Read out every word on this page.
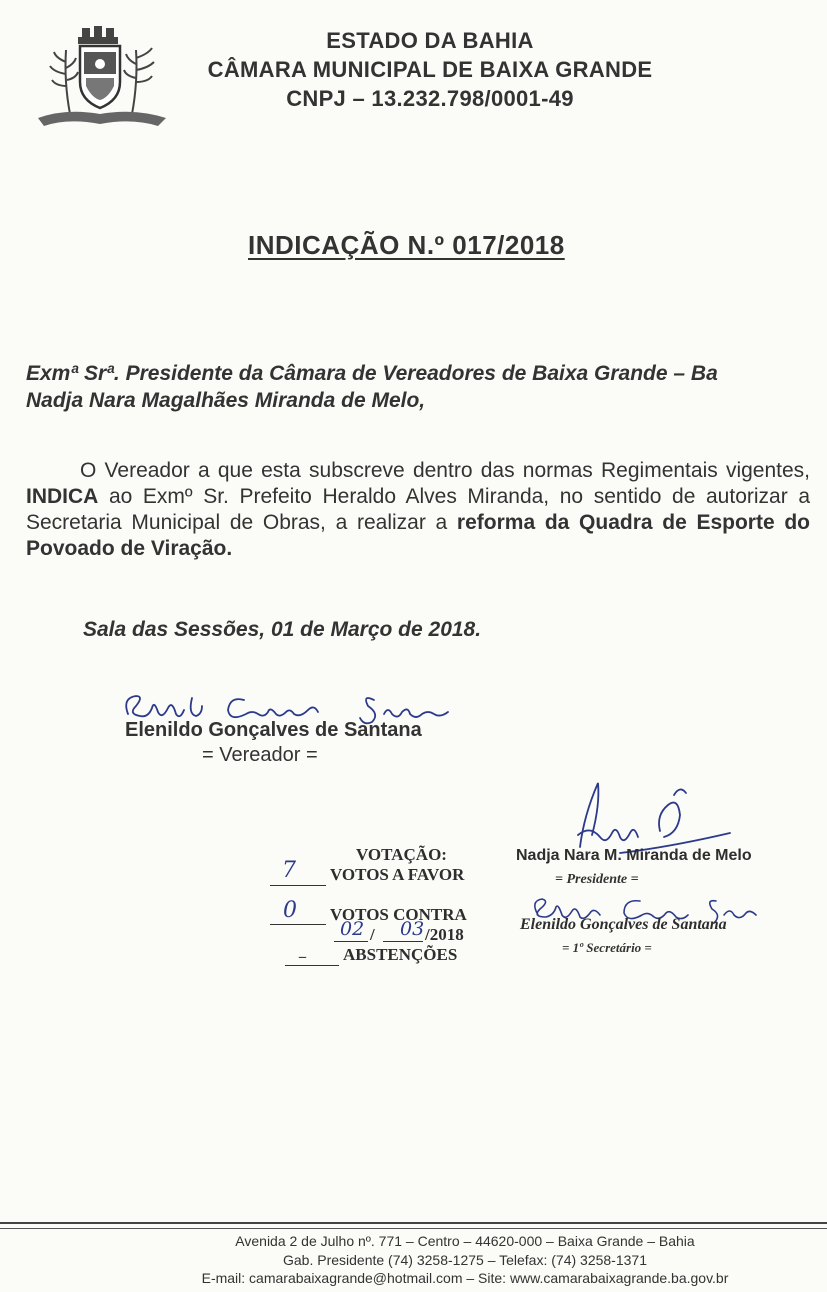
ESTADO DA BAHIA
CÂMARA MUNICIPAL DE BAIXA GRANDE
CNPJ – 13.232.798/0001-49
INDICAÇÃO N.º 017/2018
Exmª Srª. Presidente da Câmara de Vereadores de Baixa Grande – Ba
Nadja Nara Magalhães Miranda de Melo,

O Vereador a que esta subscreve dentro das normas Regimentais vigentes, INDICA ao Exmº Sr. Prefeito Heraldo Alves Miranda, no sentido de autorizar a Secretaria Municipal de Obras, a realizar a reforma da Quadra de Esporte do Povoado de Viração.

Sala das Sessões, 01 de Março de 2018.
Elenildo Gonçalves de Santana
= Vereador =
VOTAÇÃO:
7 VOTOS A FAVOR
0 VOTOS CONTRA
02 / 03 /2018
– ABSTENÇÕES
Nadja Nara M. Miranda de Melo
= Presidente =
Elenildo Gonçalves de Santana
= 1º Secretário =
Avenida 2 de Julho nº. 771 – Centro – 44620-000 – Baixa Grande – Bahia
Gab. Presidente (74) 3258-1275 – Telefax: (74) 3258-1371
E-mail: camarabaixagrande@hotmail.com – Site: www.camarabaixagrande.ba.gov.br
